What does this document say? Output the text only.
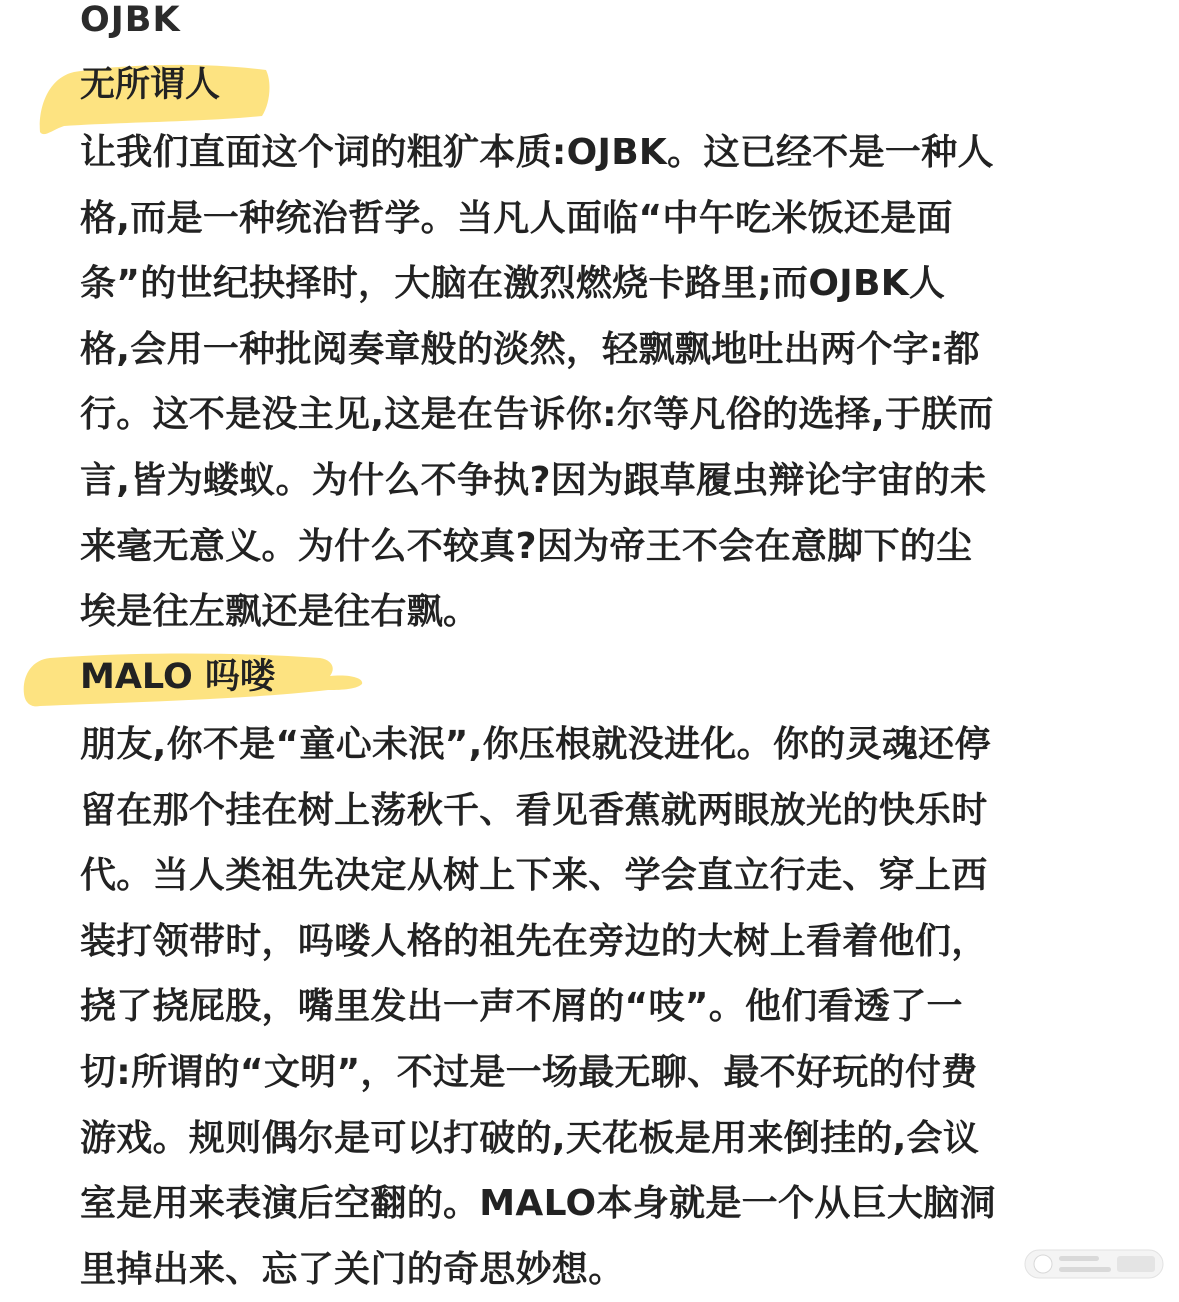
OJBK
无所谓人

让我们直面这个词的粗犷本质:OJBK。这已经不是一种人
格,而是一种统治哲学。当凡人面临“中午吃米饭还是面
条”的世纪抉择时，大脑在激烈燃烧卡路里;而OJBK人
格,会用一种批阅奏章般的淡然，轻飘飘地吐出两个字:都
行。这不是没主见,这是在告诉你:尔等凡俗的选择,于朕而
言,皆为蝼蚁。为什么不争执?因为跟草履虫辩论宇宙的未
来毫无意义。为什么不较真?因为帝王不会在意脚下的尘
埃是往左飘还是往右飘。

MALO 吗喽

朋友,你不是“童心未泯”,你压根就没进化。你的灵魂还停
留在那个挂在树上荡秋千、看见香蕉就两眼放光的快乐时
代。当人类祖先决定从树上下来、学会直立行走、穿上西
装打领带时，吗喽人格的祖先在旁边的大树上看着他们，
挠了挠屁股，嘴里发出一声不屑的“吱”。他们看透了一
切:所谓的“文明”，不过是一场最无聊、最不好玩的付费
游戏。规则偶尔是可以打破的,天花板是用来倒挂的,会议
室是用来表演后空翻的。MALO本身就是一个从巨大脑洞
里掉出来、忘了关门的奇思妙想。
